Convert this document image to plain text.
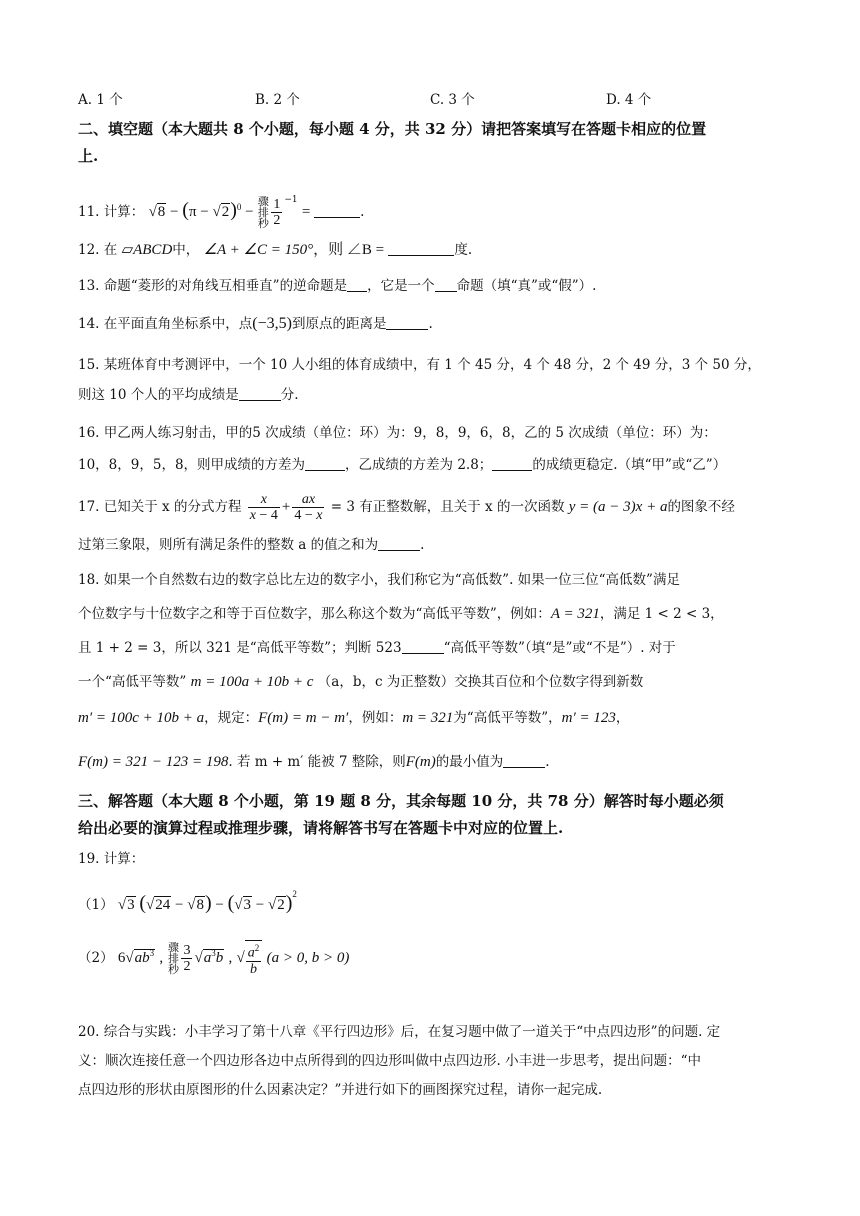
A. 1 个	B. 2 个	C. 3 个	D. 4 个
二、填空题（本大题共 8 个小题，每小题 4 分，共 32 分）请把答案填写在答题卡相应的位置
上.
11. 计算： $√8 - (\pi - √2)^0$ −
骤
排
秒 $\frac{1}{2} ^{-1}$ =	.
12. 在 ▱ABCD中， ∠A + ∠C = 150°，则 ∠B =	度.
13. 命题“菱形的对角线互相垂直”的逆命题是 ，它是一个 命题（填“真”或“假”）.
14. 在平面直角坐标系中，点(−3,5)到原点的距离是	.
15. 某班体育中考测评中，一个 10 人小组的体育成绩中，有 1 个 45 分，4 个 48 分，2 个 49 分，3 个 50 分，
则这 10 个人的平均成绩是	分.
16. 甲乙两人练习射击，甲的5 次成绩（单位：环）为：9，8，9，6，8，乙的 5 次成绩（单位：环）为：
10，8，9，5，8，则甲成绩的方差为	，乙成绩的方差为 2.8；	的成绩更稳定.（填“甲”或“乙”）
17. 已知关于 x 的分式方程 $\frac{x}{x - 4} + \frac{ax}{4 - x} = 3$ 有正整数解，且关于 x 的一次函数 y = (a − 3)x + a的图象不经
过第三象限，则所有满足条件的整数 a 的值之和为	.
18. 如果一个自然数右边的数字总比左边的数字小，我们称它为“高低数”. 如果一位三位“高低数”满足
个位数字与十位数字之和等于百位数字，那么称这个数为“高低平等数”，例如：A = 321，满足 1 < 2 < 3，
且 1 + 2 = 3，所以 321 是“高低平等数”；判断 523	“高低平等数”（填“是”或“不是”）. 对于
一个“高低平等数” m = 100a + 10b + c （a，b，c 为正整数）交换其百位和个位数字得到新数
m′ = 100c + 10b + a，规定：F(m) = m − m′，例如：m = 321为“高低平等数”，m′ = 123，
F(m) = 321 − 123 = 198. 若 m + m′ 能被 7 整除，则F(m)的最小值为	.
三、解答题（本大题 8 个小题，第 19 题 8 分，其余每题 10 分，共 78 分）解答时每小题必须
给出必要的演算过程或推理步骤，请将解答书写在答题卡中对应的位置上.
19. 计算：
（1） √3 $(√24 - √8) - (√3 - √2)^2$
（2） $6√ab^3$ ,
骤
排
秒 $\frac{3}{2} √a^3b$ , √ $\frac{a^2}{b} (a > 0$, b > 0)
20. 综合与实践：小丰学习了第十八章《平行四边形》后，在复习题中做了一道关于“中点四边形”的问题. 定
义：顺次连接任意一个四边形各边中点所得到的四边形叫做中点四边形. 小丰进一步思考，提出问题：“中
点四边形的形状由原图形的什么因素决定？”并进行如下的画图探究过程，请你一起完成.
